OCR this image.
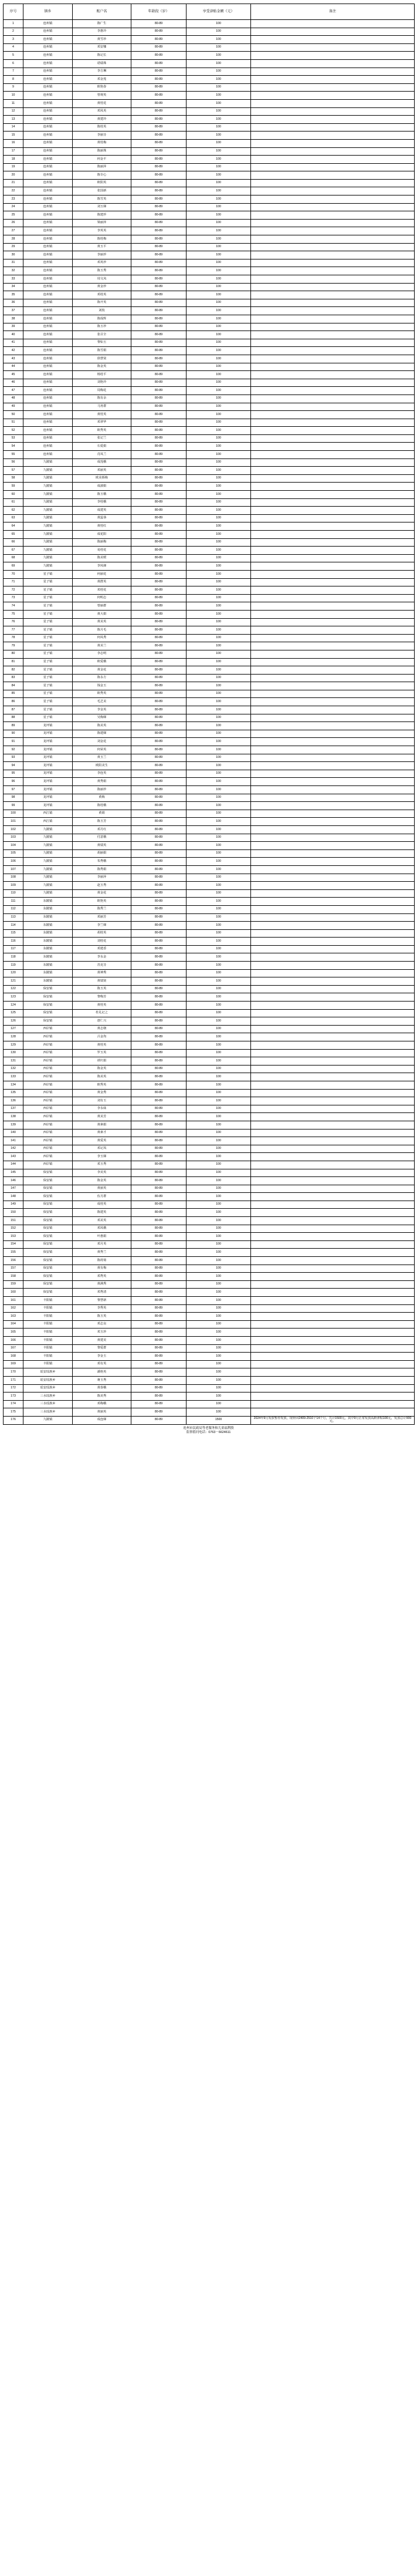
序号	镇乡	账户名	年龄段（岁）	享受津贴金额（元）	备注
1	连州镇	陈广生	80-89	100	
2	连州镇	李惠玲	80-89	100	
3	连州镇	黄雪珍	80-89	100	
4	连州镇	邓安娜	80-89	100	
5	连州镇	陈记长	80-89	100	
6	连州镇	诺瑞珠	80-89	100	
7	连州镇	李吉琳	80-89	100	
8	连州镇	邓金莲	80-89	100	
9	连州镇	欧艳春	80-89	100	
10	连州镇	曾观英	80-89	100	
11	连州镇	黄桂花	80-89	100	
12	连州镇	邓凤英	80-89	100	
13	连州镇	黄建玲	80-89	100	
14	连州镇	陈桂英	80-89	100	
15	连州镇	李丽芬	80-89	100	
16	连州镇	黄桂梅	80-89	100	
17	连州镇	陈丽珠	80-89	100	
18	连州镇	何金平	80-89	100	
19	连州镇	陈丽萍	80-89	100	
20	连州镇	陈专心	80-89	100	
21	连州镇	欧阳英	80-89	100	
22	连州镇	张国新	80-89	100	
23	连州镇	陈雪英	80-89	100	
24	连州镇	刘玉娣	80-89	100	
25	连州镇	陈建珍	80-89	100	
26	连州镇	梁丽萍	80-89	100	
27	连州镇	李英英	80-89	100	
28	连州镇	陈桂梅	80-89	100	
29	连州镇	黄玉平	80-89	100	
30	连州镇	李丽珍	80-89	100	
31	连州镇	邓英珍	80-89	100	
32	连州镇	陈玉秀	80-89	100	
33	连州镇	周文凤	80-89	100	
34	连州镇	黄金珍	80-89	100	
35	连州镇	邓桂英	80-89	100	
36	连州镇	陈开英	80-89	100	
37	连州镇	刘枝	80-89	100	
38	连州镇	陈成辉	80-89	100	
39	连州镇	陈玉珍	80-89	100	
40	连州镇	张召全	80-89	100	
41	连州镇	黎如玉	80-89	100	
42	连州镇	陈雪娟	80-89	100	
43	连州镇	徐慧贤	80-89	100	
44	连州镇	陈金英	80-89	100	
45	连州镇	杨桂平	80-89	100	
46	连州镇	刘艳玲	80-89	100	
47	连州镇	周梅花	80-89	100	
48	连州镇	陈有余	80-89	100	
49	连州镇	马务群	80-89	100	
50	连州镇	黄桂英	80-89	100	
51	连州镇	邓翠华	80-89	100	
52	连州镇	欧秀英	80-89	100	
53	连州镇	张记兰	80-89	100	
54	连州镇	石爱娟	80-89	100	
55	连州镇	肖凤兰	80-89	100	
56	九陂镇	成莲娥	80-89	100	
57	九陂镇	邓丽英	80-89	100	
58	九陂镇	欧美娇梅	80-89	100	
59	九陂镇	成淑娟	80-89	100	
60	九陂镇	陈玉娥	80-89	100	
61	九陂镇	李桂娥	80-89	100	
62	九陂镇	成建英	80-89	100	
63	九陂镇	黄蕊恭	80-89	100	
64	九陂镇	黄桂红	80-89	100	
65	九陂镇	成花阳	80-89	100	
66	九陂镇	陈丽梅	80-89	100	
67	九陂镇	易桂花	80-89	100	
68	九陂镇	陈美媛	80-89	100	
69	九陂镇	李凤娣	80-89	100	
70	星子镇	何丽花	80-89	100	
71	星子镇	黄群英	80-89	100	
72	星子镇	邓桂花	80-89	100	
73	星子镇	何明志	80-89	100	
74	星子镇	曾丽群	80-89	100	
75	星子镇	黄大娟	80-89	100	
76	星子镇	黄美英	80-89	100	
77	星子镇	陈月毛	80-89	100	
78	星子镇	何凤秀	80-89	100	
79	星子镇	黄美兰	80-89	100	
80	星子镇	李志明	80-89	100	
81	星子镇	欧爱娥	80-89	100	
82	星子镇	黄金花	80-89	100	
83	星子镇	陈永方	80-89	100	
84	星子镇	钱金玉	80-89	100	
85	星子镇	欧秀英	80-89	100	
86	星子镇	毛芝美	80-89	100	
87	星子镇	李金英	80-89	100	
88	星子镇	吴梅娣	80-89	100	
89	龙坪镇	陈美英	80-89	100	
90	龙坪镇	陈建娣	80-89	100	
91	龙坪镇	刘金花	80-89	100	
92	龙坪镇	何荣英	80-89	100	
93	龙坪镇	黄玉兰	80-89	100	
94	龙坪镇	欧阳美生	80-89	100	
95	龙坪镇	李连英	80-89	100	
96	龙坪镇	黄秀娟	80-89	100	
97	龙坪镇	陈丽珍	80-89	100	
98	龙坪镇	黄梅	80-89	100	
99	龙坪镇	陈桂娥	80-89	100	
100	西江镇	黄娟	80-89	100	
101	西江镇	陈玉芳	80-89	100	
102	九陂镇	邓月红	80-89	100	
103	九陂镇	付意娥	80-89	100	
104	九陂镇	黄瑞英	80-89	100	
105	九陂镇	胡丽娟	80-89	100	
106	九陂镇	朱秀娥	80-89	100	
107	九陂镇	陈秀娟	80-89	100	
108	九陂镇	李丽萍	80-89	100	
109	九陂镇	赵玉秀	80-89	100	
110	九陂镇	黄金花	80-89	100	
111	东陂镇	欧艳英	80-89	100	
112	东陂镇	陈秀兰	80-89	100	
113	东陂镇	邓丽芳	80-89	100	
114	东陂镇	李兰娣	80-89	100	
115	东陂镇	胡桂英	80-89	100	
116	东陂镇	刘桂花	80-89	100	
117	东陂镇	邓建香	80-89	100	
118	东陂镇	李永金	80-89	100	
119	东陂镇	苏克芬	80-89	100	
120	东陂镇	黄神秀	80-89	100	
121	东陂镇	黄瑞贤	80-89	100	
122	保安镇	陈玉英	80-89	100	
123	保安镇	黎梅芳	80-89	100	
124	保安镇	黄桂英	80-89	100	
125	保安镇	杜礼记之	80-89	100	
126	保安镇	唐仁兴	80-89	100	
127	西岸镇	黄志朝	80-89	100	
128	西岸镇	吕金均	80-89	100	
129	西岸镇	黄桂英	80-89	100	
130	西岸镇	罗玉英	80-89	100	
131	西岸镇	谭庆娟	80-89	100	
132	西岸镇	陈金英	80-89	100	
133	西岸镇	陈美英	80-89	100	
134	西岸镇	欧秀英	80-89	100	
135	西岸镇	黄金秀	80-89	100	
136	西岸镇	刘有玉	80-89	100	
137	西岸镇	李永妹	80-89	100	
138	西岸镇	黄美芳	80-89	100	
139	西岸镇	黄素娟	80-89	100	
140	西岸镇	黄素才	80-89	100	
141	西岸镇	黄爱英	80-89	100	
142	西岸镇	邓记凤	80-89	100	
143	西岸镇	李玉娣	80-89	100	
144	西岸镇	邓玉秀	80-89	100	
145	保安镇	李美英	80-89	100	
146	保安镇	陈金英	80-89	100	
147	保安镇	黄丽英	80-89	100	
148	保安镇	伍月群	80-89	100	
149	保安镇	成桂英	80-89	100	
150	保安镇	陈建英	80-89	100	
151	保安镇	邓美英	80-89	100	
152	保安镇	邓凤娥	80-89	100	
153	保安镇	叶惠娟	80-89	100	
154	保安镇	邓月英	80-89	100	
155	保安镇	黄秀兰	80-89	100	
156	保安镇	陈荷菊	80-89	100	
157	保安镇	黄有梅	80-89	100	
158	保安镇	邓秀英	80-89	100	
159	保安镇	黄满秀	80-89	100	
160	保安镇	邓秀清	80-89	100	
161	丰阳镇	黎慧新	80-89	100	
162	丰阳镇	李秀英	80-89	100	
163	丰阳镇	陈玉英	80-89	100	
164	丰阳镇	邓志良	80-89	100	
165	丰阳镇	邓玉珍	80-89	100	
166	丰阳镇	黄建美	80-89	100	
167	丰阳镇	黎爱群	80-89	100	
168	丰阳镇	李金玉	80-89	100	
169	丰阳镇	邓有英	80-89	100	
170	瑶安瑶族乡	潘艳英	80-89	100	
171	瑶安瑶族乡	蒋玉秀	80-89	100	
172	瑶安瑶族乡	黄春娥	80-89	100	
173	三水瑶族乡	陈美秀	80-89	100	
174	三水瑶族乡	邓梅娥	80-89	100	
175	三水瑶族乡	黄丽英	80-89	100	
176	九陂镇	成连娣	80-89	1500	2024年9月发放暂停发放，现补回2409-2510个14个月，共计1500元，其中9月正常发放高龄津贴100元，发放总计900元。
连州市民政局等老服务和儿童福利股
监察值问电话：0763－6624611
